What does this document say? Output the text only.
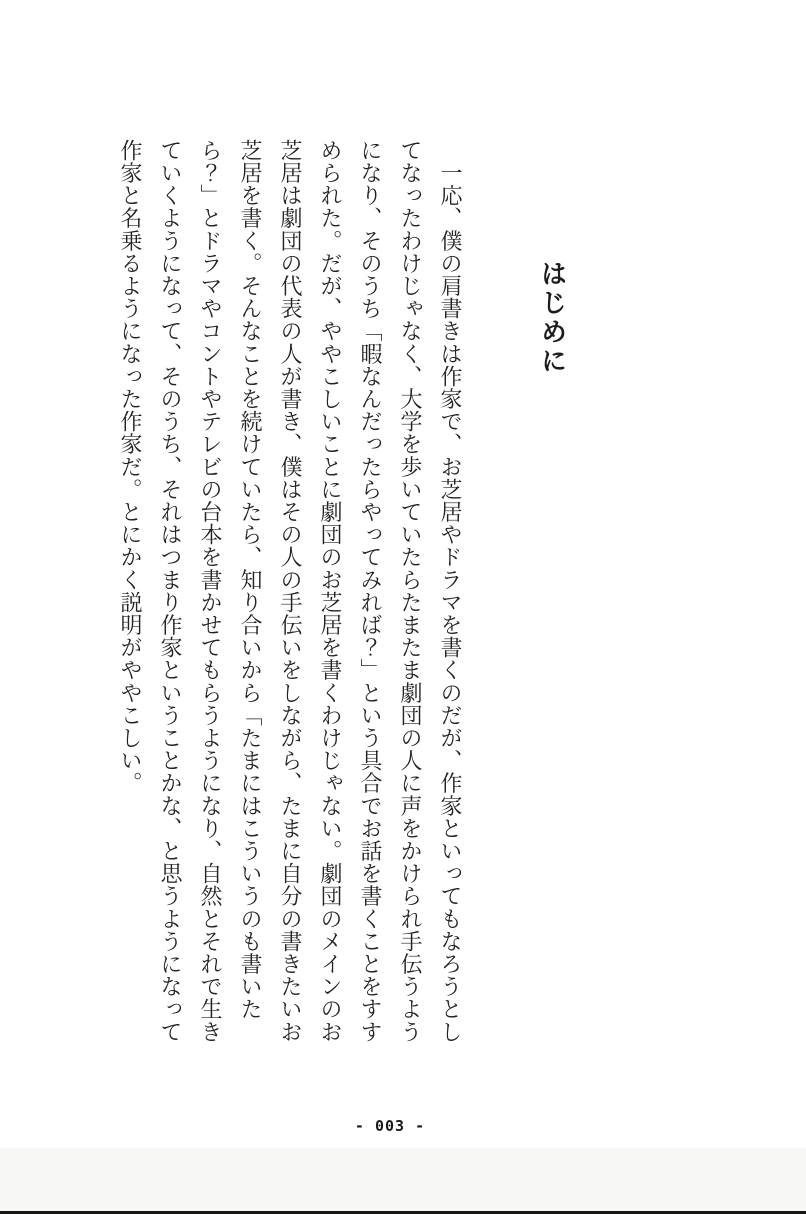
はじめに
　一応、僕の肩書きは作家で、お芝居やドラマを書くのだが、作家といってもなろうとし
てなったわけじゃなく、大学を歩いていたらたまたま劇団の人に声をかけられ手伝うよう
になり、そのうち「暇なんだったらやってみれば？」という具合でお話を書くことをすす
められた。だが、ややこしいことに劇団のお芝居を書くわけじゃない。劇団のメインのお
芝居は劇団の代表の人が書き、僕はその人の手伝いをしながら、たまに自分の書きたいお
芝居を書く。そんなことを続けていたら、知り合いから「たまにはこういうのも書いた
ら？」とドラマやコントやテレビの台本を書かせてもらうようになり、自然とそれで生き
ていくようになって、そのうち、それはつまり作家ということかな、と思うようになって
作家と名乗るようになった作家だ。とにかく説明がややこしい。
- 003 -
